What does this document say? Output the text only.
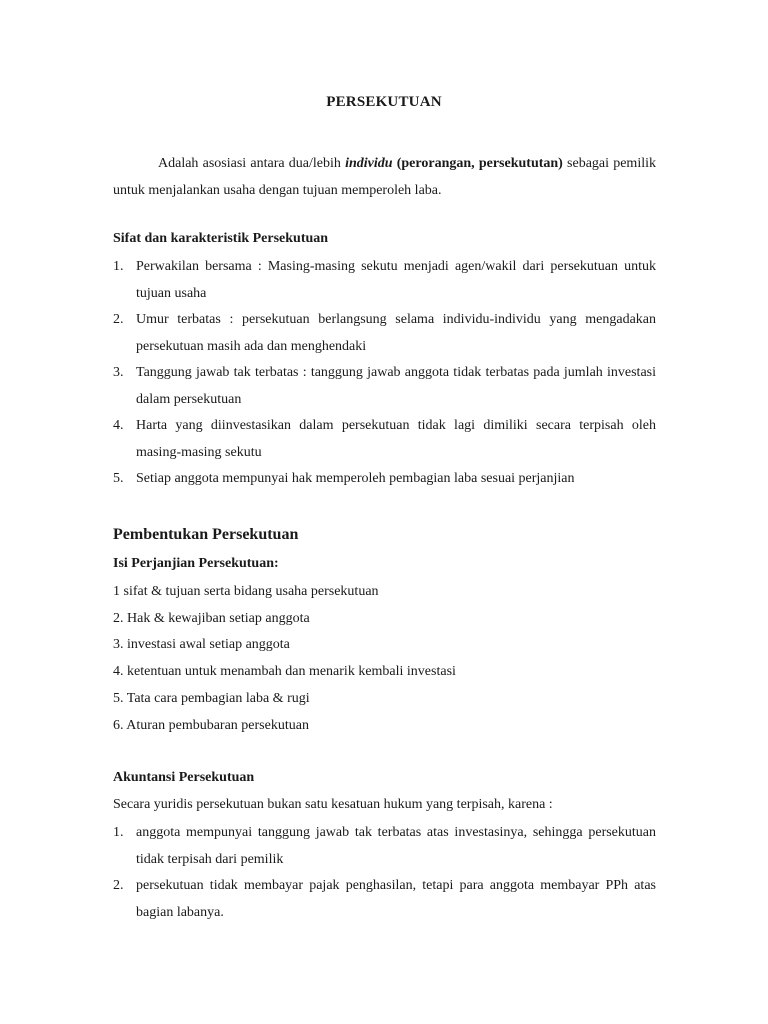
PERSEKUTUAN

Adalah asosiasi antara dua/lebih individu (perorangan, persekututan) sebagai pemilik untuk menjalankan usaha dengan tujuan memperoleh laba.

Sifat dan karakteristik Persekutuan
1. Perwakilan bersama : Masing-masing sekutu menjadi agen/wakil dari persekutuan untuk tujuan usaha
2. Umur terbatas : persekutuan berlangsung selama individu-individu yang mengadakan persekutuan masih ada dan menghendaki
3. Tanggung jawab tak terbatas : tanggung jawab anggota tidak terbatas pada jumlah investasi dalam persekutuan
4. Harta yang diinvestasikan dalam persekutuan tidak lagi dimiliki secara terpisah oleh masing-masing sekutu
5. Setiap anggota mempunyai hak memperoleh pembagian laba sesuai perjanjian
Pembentukan Persekutuan
Isi Perjanjian Persekutuan:
1 sifat & tujuan serta bidang usaha persekutuan
2. Hak & kewajiban setiap anggota
3. investasi awal setiap anggota
4. ketentuan untuk menambah dan menarik kembali investasi
5. Tata cara pembagian laba & rugi
6. Aturan pembubaran persekutuan
Akuntansi Persekutuan

Secara yuridis persekutuan bukan satu kesatuan hukum yang terpisah, karena :

1. anggota mempunyai tanggung jawab tak terbatas atas investasinya, sehingga persekutuan tidak terpisah dari pemilik
2. persekutuan tidak membayar pajak penghasilan, tetapi para anggota membayar PPh atas bagian labanya.
